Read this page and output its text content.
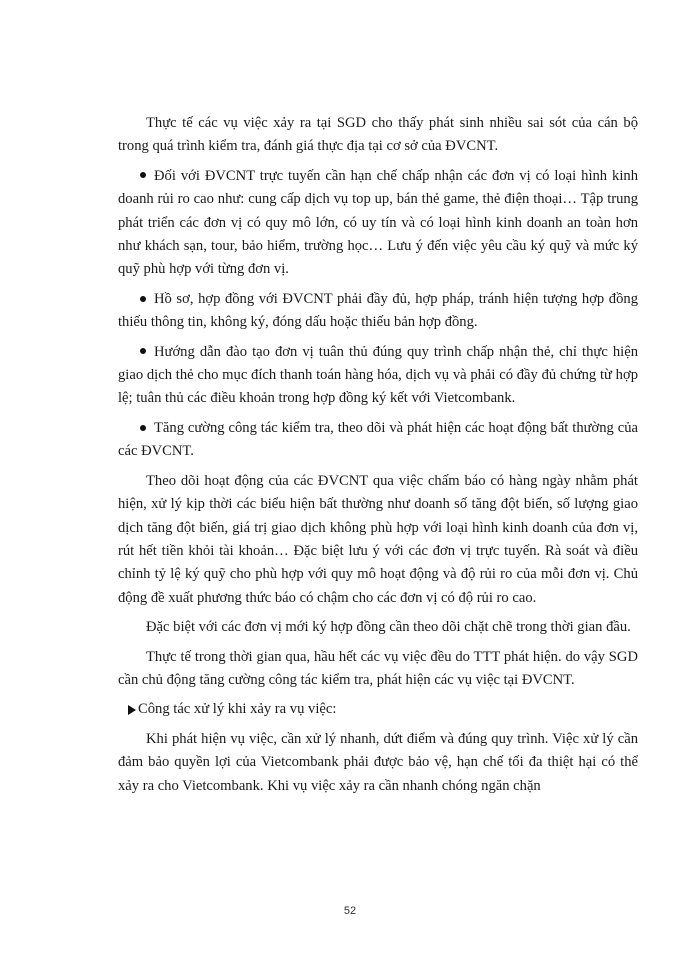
Thực tế các vụ việc xảy ra tại SGD cho thấy phát sinh nhiều sai sót của cán bộ trong quá trình kiểm tra, đánh giá thực địa tại cơ sở của ĐVCNT.

Đối với ĐVCNT trực tuyến cần hạn chế chấp nhận các đơn vị có loại hình kinh doanh rủi ro cao như: cung cấp dịch vụ top up, bán thẻ game, thẻ điện thoại… Tập trung phát triển các đơn vị có quy mô lớn, có uy tín và có loại hình kinh doanh an toàn hơn như khách sạn, tour, bảo hiểm, trường học… Lưu ý đến việc yêu cầu ký quỹ và mức ký quỹ phù hợp với từng đơn vị.

Hồ sơ, hợp đồng với ĐVCNT phải đầy đủ, hợp pháp, tránh hiện tượng hợp đồng thiếu thông tin, không ký, đóng dấu hoặc thiếu bản hợp đồng.

Hướng dẫn đào tạo đơn vị tuân thủ đúng quy trình chấp nhận thẻ, chỉ thực hiện giao dịch thẻ cho mục đích thanh toán hàng hóa, dịch vụ và phải có đầy đủ chứng từ hợp lệ; tuân thủ các điều khoản trong hợp đồng ký kết với Vietcombank.

Tăng cường công tác kiểm tra, theo dõi và phát hiện các hoạt động bất thường của các ĐVCNT.

Theo dõi hoạt động của các ĐVCNT qua việc chấm báo có hàng ngày nhằm phát hiện, xử lý kịp thời các biểu hiện bất thường như doanh số tăng đột biến, số lượng giao dịch tăng đột biến, giá trị giao dịch không phù hợp với loại hình kinh doanh của đơn vị, rút hết tiền khỏi tài khoản… Đặc biệt lưu ý với các đơn vị trực tuyến. Rà soát và điều chỉnh tỷ lệ ký quỹ cho phù hợp với quy mô hoạt động và độ rủi ro của mỗi đơn vị. Chủ động đề xuất phương thức báo có chậm cho các đơn vị có độ rủi ro cao.

Đặc biệt với các đơn vị mới ký hợp đồng cần theo dõi chặt chẽ trong thời gian đầu.

Thực tế trong thời gian qua, hầu hết các vụ việc đều do TTT phát hiện. do vậy SGD cần chủ động tăng cường công tác kiểm tra, phát hiện các vụ việc tại ĐVCNT.

Công tác xử lý khi xảy ra vụ việc:

Khi phát hiện vụ việc, cần xử lý nhanh, dứt điểm và đúng quy trình. Việc xử lý cần đảm bảo quyền lợi của Vietcombank phải được bảo vệ, hạn chế tối đa thiệt hại có thể xảy ra cho Vietcombank. Khi vụ việc xảy ra cần nhanh chóng ngăn chặn

52
